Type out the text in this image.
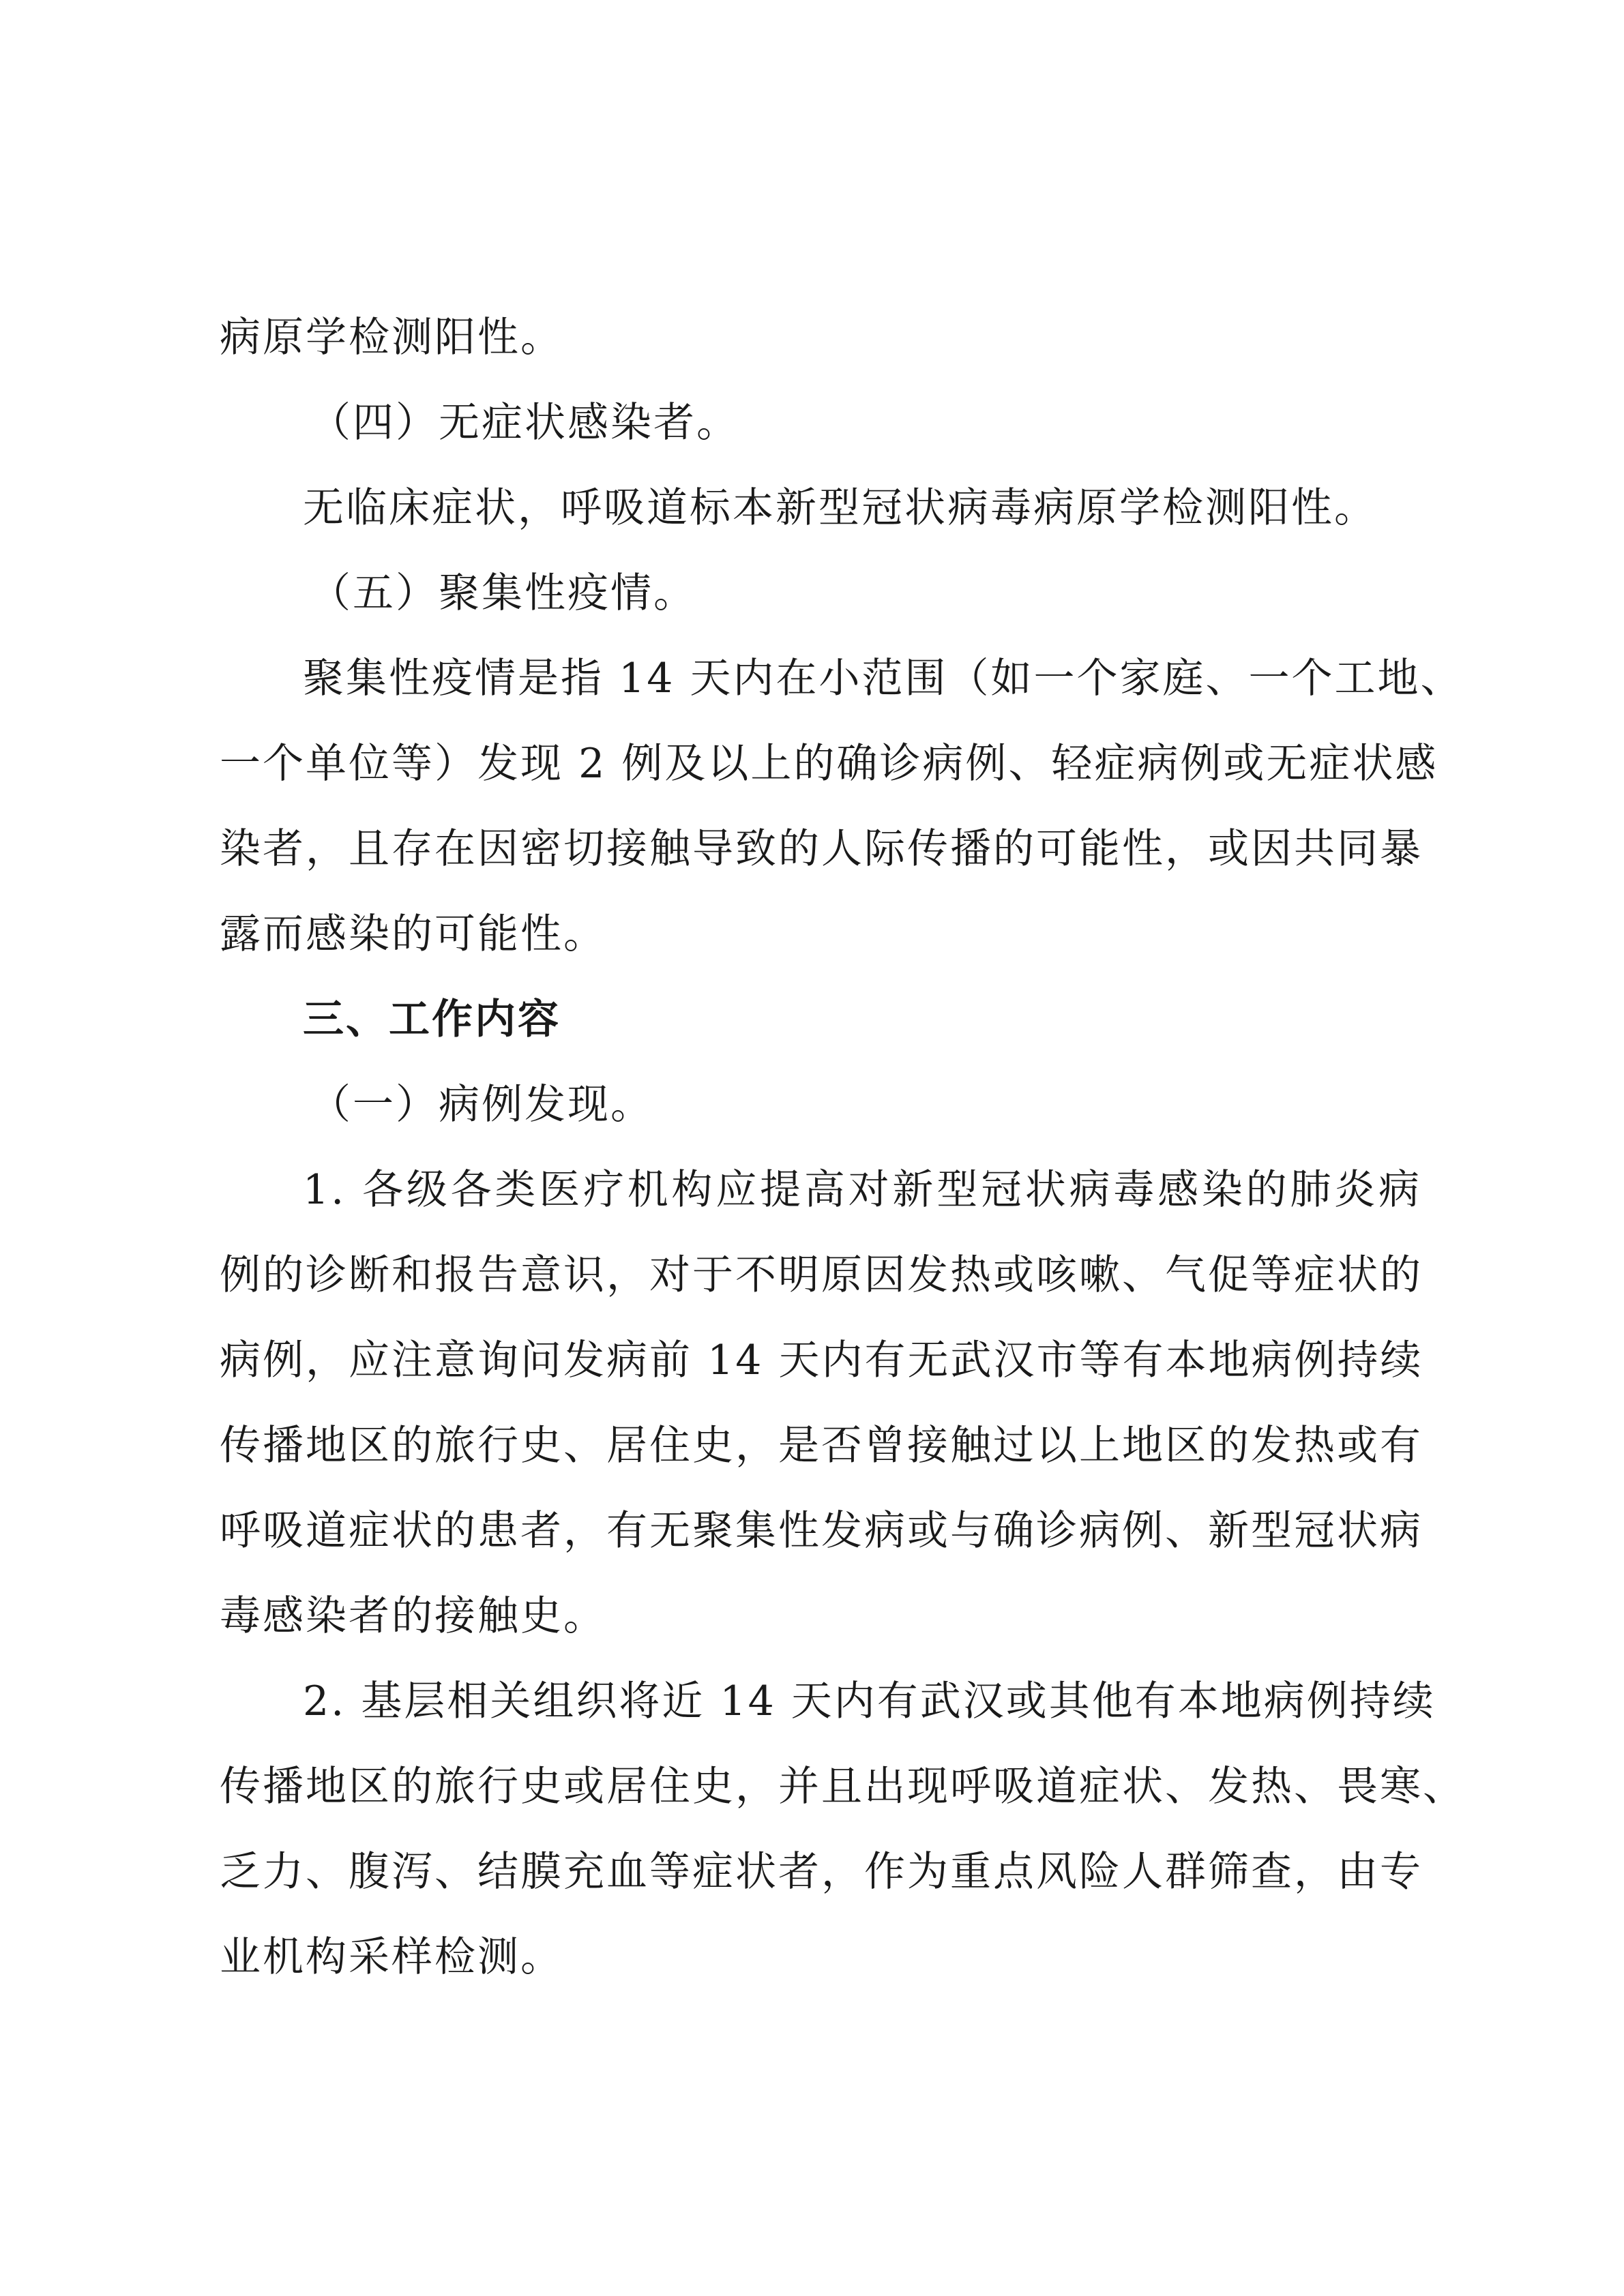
病原学检测阳性。
（四）无症状感染者。
无临床症状，呼吸道标本新型冠状病毒病原学检测阳性。
（五）聚集性疫情。
聚集性疫情是指 14 天内在小范围（如一个家庭、一个工地、
一个单位等）发现 2 例及以上的确诊病例、轻症病例或无症状感
染者，且存在因密切接触导致的人际传播的可能性，或因共同暴
露而感染的可能性。
三、工作内容
（一）病例发现。
1. 各级各类医疗机构应提高对新型冠状病毒感染的肺炎病
例的诊断和报告意识，对于不明原因发热或咳嗽、气促等症状的
病例，应注意询问发病前 14 天内有无武汉市等有本地病例持续
传播地区的旅行史、居住史，是否曾接触过以上地区的发热或有
呼吸道症状的患者，有无聚集性发病或与确诊病例、新型冠状病
毒感染者的接触史。
2. 基层相关组织将近 14 天内有武汉或其他有本地病例持续
传播地区的旅行史或居住史，并且出现呼吸道症状、发热、畏寒、
乏力、腹泻、结膜充血等症状者，作为重点风险人群筛查，由专
业机构采样检测。
